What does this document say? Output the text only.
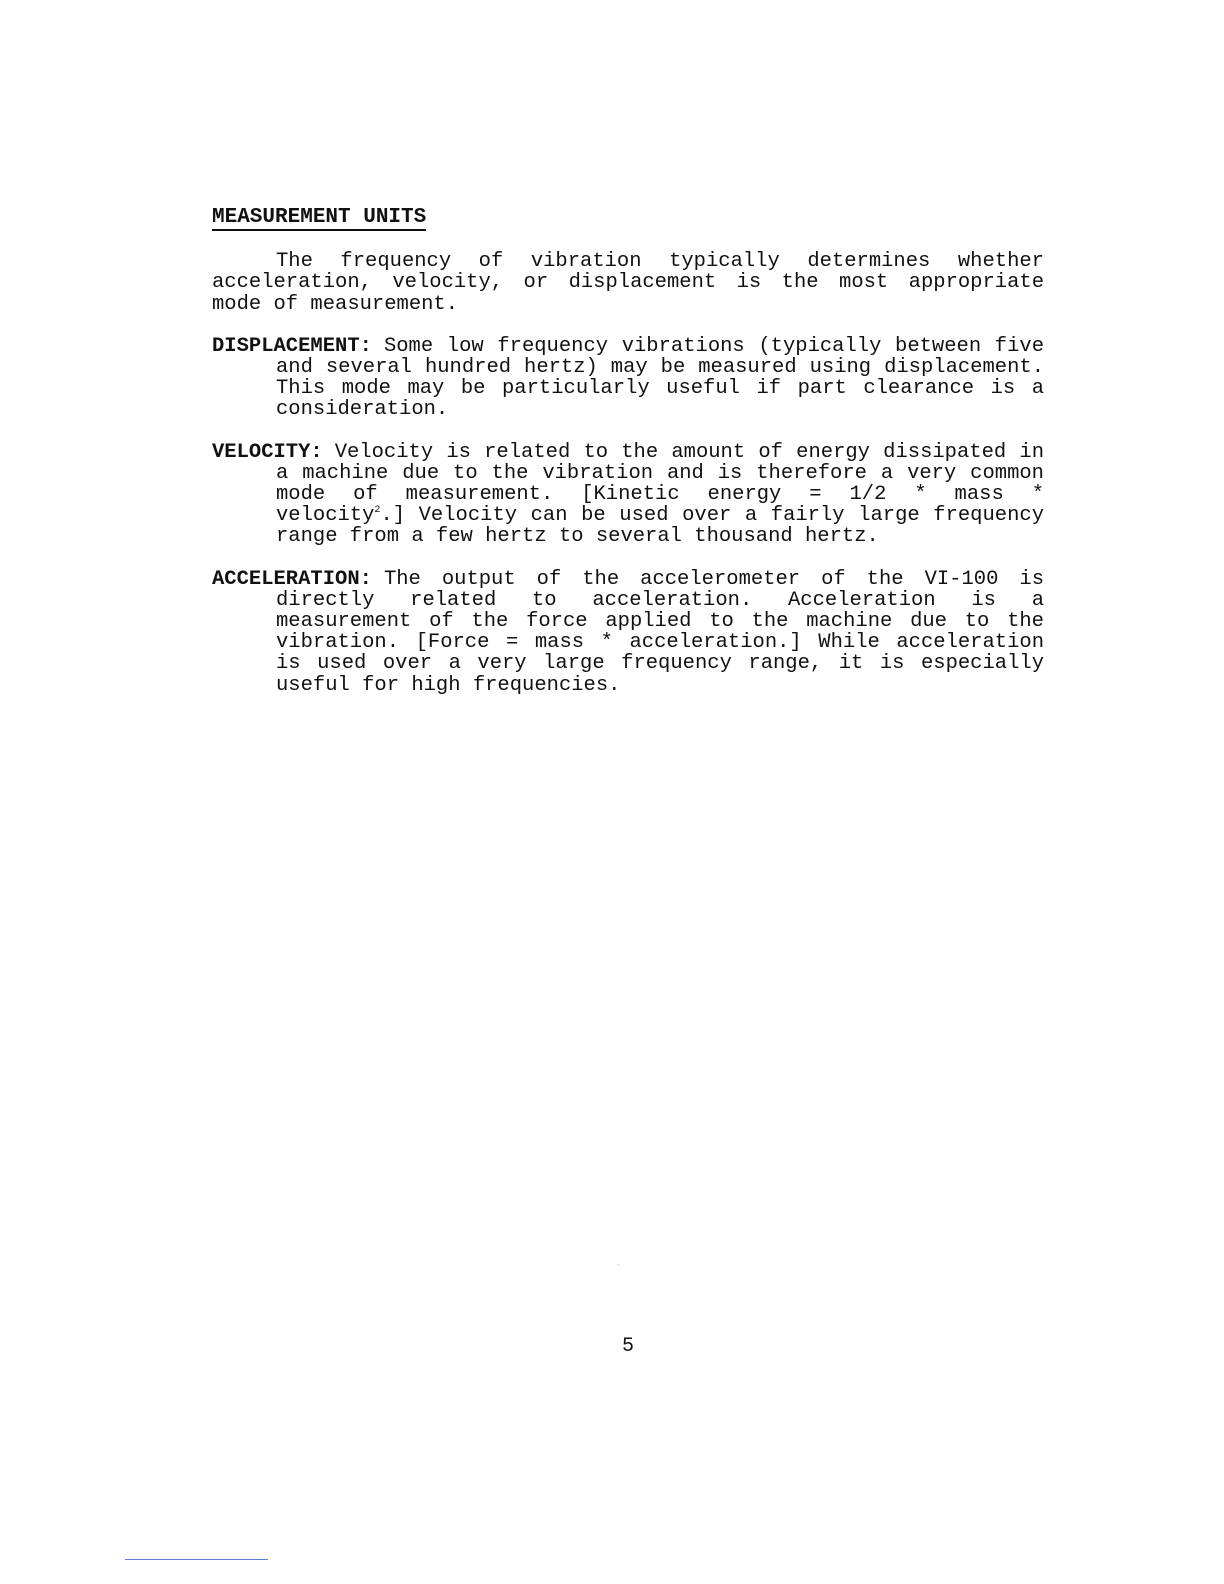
MEASUREMENT UNITS

The frequency of vibration typically determines whether acceleration, velocity, or displacement is the most appropriate mode of measurement.

DISPLACEMENT: Some low frequency vibrations (typically between five and several hundred hertz) may be measured using displacement. This mode may be particularly useful if part clearance is a consideration.

VELOCITY: Velocity is related to the amount of energy dissipated in a machine due to the vibration and is therefore a very common mode of measurement. [Kinetic energy = 1/2 * mass * velocity$^2$.] Velocity can be used over a fairly large frequency range from a few hertz to several thousand hertz.

ACCELERATION: The output of the accelerometer of the VI-100 is directly related to acceleration. Acceleration is a measurement of the force applied to the machine due to the vibration. [Force = mass * acceleration.] While acceleration is used over a very large frequency range, it is especially useful for high frequencies.

5
